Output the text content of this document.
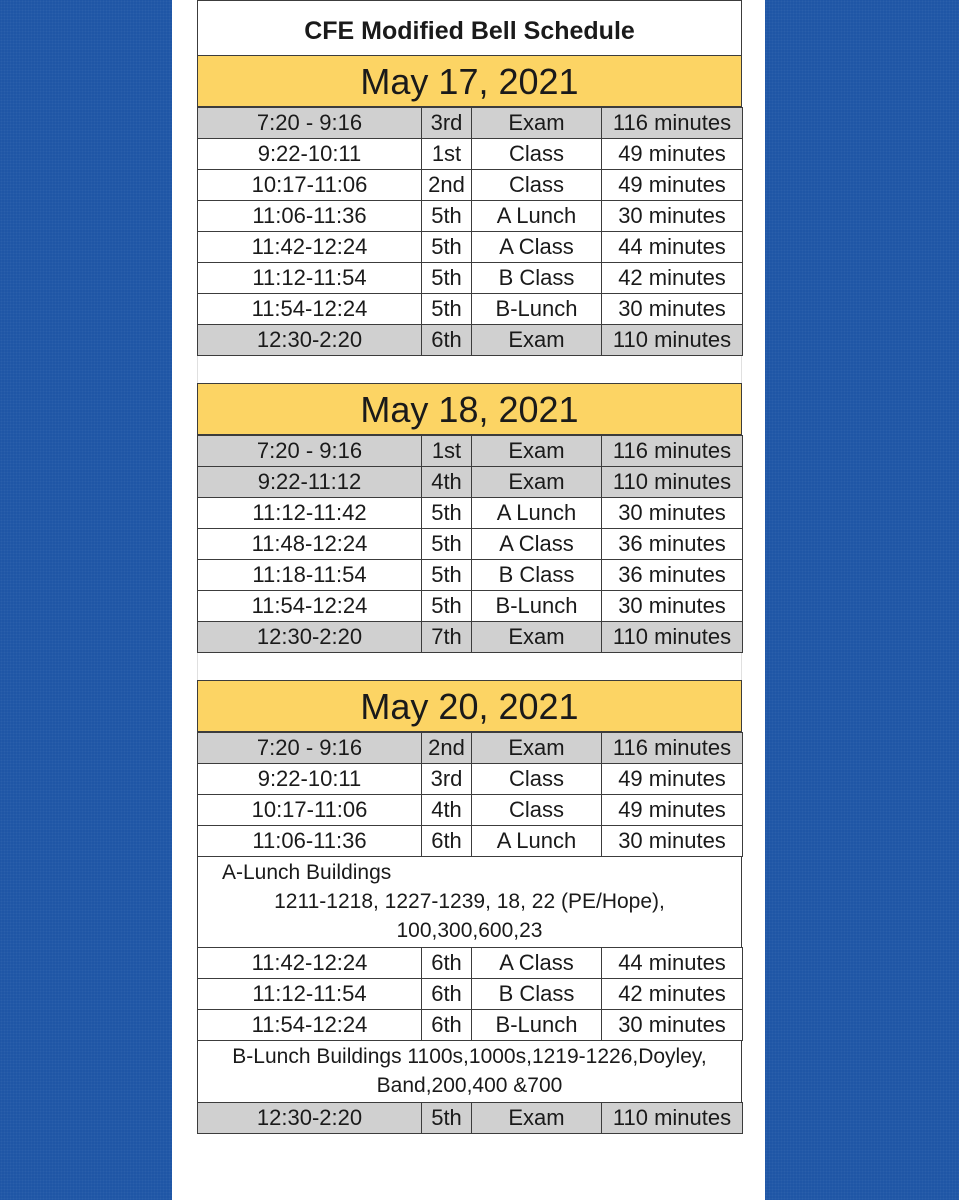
CFE Modified Bell Schedule
May 17, 2021
7:20 - 9:16	3rd	Exam	116 minutes
9:22-10:11	1st	Class	49 minutes
10:17-11:06	2nd	Class	49 minutes
11:06-11:36	5th	A Lunch	30 minutes
11:42-12:24	5th	A Class	44 minutes
11:12-11:54	5th	B Class	42 minutes
11:54-12:24	5th	B-Lunch	30 minutes
12:30-2:20	6th	Exam	110 minutes
May 18, 2021
7:20 - 9:16	1st	Exam	116 minutes
9:22-11:12	4th	Exam	110 minutes
11:12-11:42	5th	A Lunch	30 minutes
11:48-12:24	5th	A Class	36 minutes
11:18-11:54	5th	B Class	36 minutes
11:54-12:24	5th	B-Lunch	30 minutes
12:30-2:20	7th	Exam	110 minutes
May 20, 2021
7:20 - 9:16	2nd	Exam	116 minutes
9:22-10:11	3rd	Class	49 minutes
10:17-11:06	4th	Class	49 minutes
11:06-11:36	6th	A Lunch	30 minutes
A-Lunch Buildings
1211-1218, 1227-1239, 18, 22 (PE/Hope),
100,300,600,23
11:42-12:24	6th	A Class	44 minutes
11:12-11:54	6th	B Class	42 minutes
11:54-12:24	6th	B-Lunch	30 minutes
B-Lunch Buildings 1100s,1000s,1219-1226,Doyley,
Band,200,400 &700
12:30-2:20	5th	Exam	110 minutes
